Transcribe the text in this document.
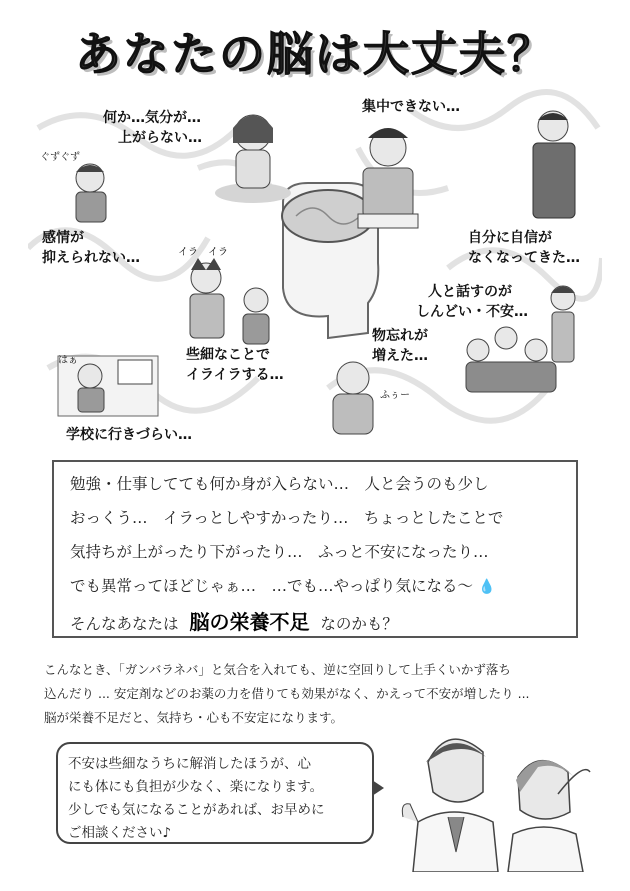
あなたの脳は大丈夫？
何か…気分が…
上がらない…
集中できない…
ぐずぐず
感情が
抑えられない…
自分に自信が
なくなってきた…
イラ　イラ
人と話すのが
しんどい・不安…
些細なことで
イライラする…
物忘れが
増えた…
はぁ
ふぅー
学校に行きづらい…
勉強・仕事してても何か身が入らない…　人と会うのも少し
おっくう…　イラっとしやすかったり…　ちょっとしたことで
気持ちが上がったり下がったり…　ふっと不安になったり…
でも異常ってほどじゃぁ…　…でも…やっぱり気になる～ 💧
そんなあなたは 脳の栄養不足 なのかも？
こんなとき、「ガンバラネバ」と気合を入れても、逆に空回りして上手くいかず落ち
込んだり ... 安定剤などのお薬の力を借りても効果がなく、かえって不安が増したり ...
脳が栄養不足だと、気持ち・心も不安定になります。
不安は些細なうちに解消したほうが、心
にも体にも負担が少なく、楽になります。
少しでも気になることがあれば、お早めに
ご相談ください♪
